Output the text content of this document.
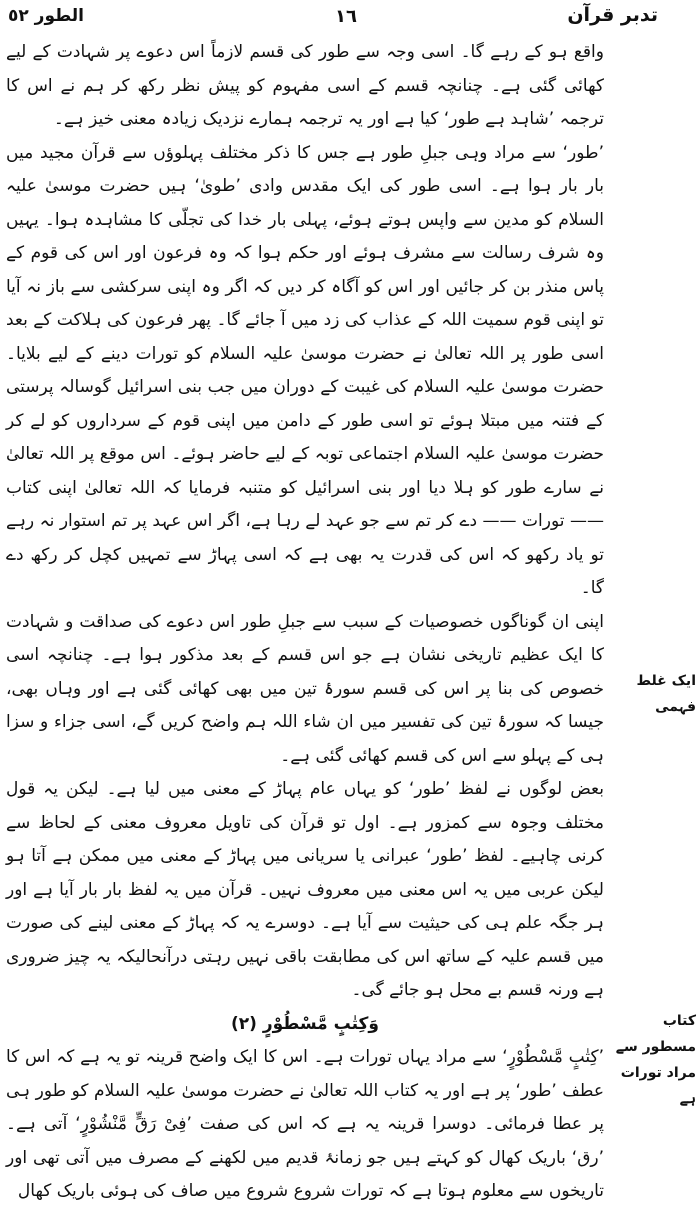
تدبر قرآن
١٦
الطور ٥٢

واقع ہو کے رہے گا۔ اسی وجہ سے طور کی قسم لازماً اس دعوے پر شہادت کے لیے کھائی گئی ہے۔ چنانچہ قسم کے اسی مفہوم کو پیش نظر رکھ کر ہم نے اس کا ترجمہ ’شاہد ہے طور‘ کیا ہے اور یہ ترجمہ ہمارے نزدیک زیادہ معنی خیز ہے۔

’طور‘ سے مراد وہی جبلِ طور ہے جس کا ذکر مختلف پہلوؤں سے قرآن مجید میں بار بار ہوا ہے۔ اسی طور کی ایک مقدس وادی ’طویٰ‘ ہیں حضرت موسیٰ علیہ السلام کو مدین سے واپس ہوتے ہوئے، پہلی بار خدا کی تجلّی کا مشاہدہ ہوا۔ یہیں وہ شرف رسالت سے مشرف ہوئے اور حکم ہوا کہ وہ فرعون اور اس کی قوم کے پاس منذر بن کر جائیں اور اس کو آگاہ کر دیں کہ اگر وہ اپنی سرکشی سے باز نہ آیا تو اپنی قوم سمیت اللہ کے عذاب کی زد میں آ جائے گا۔ پھر فرعون کی ہلاکت کے بعد اسی طور پر اللہ تعالیٰ نے حضرت موسیٰ علیہ السلام کو تورات دینے کے لیے بلایا۔ حضرت موسیٰ علیہ السلام کی غیبت کے دوران میں جب بنی اسرائیل گوسالہ پرستی کے فتنہ میں مبتلا ہوئے تو اسی طور کے دامن میں اپنی قوم کے سرداروں کو لے کر حضرت موسیٰ علیہ السلام اجتماعی توبہ کے لیے حاضر ہوئے۔ اس موقع پر اللہ تعالیٰ نے سارے طور کو ہلا دیا اور بنی اسرائیل کو متنبہ فرمایا کہ اللہ تعالیٰ اپنی کتاب —— تورات —— دے کر تم سے جو عہد لے رہا ہے، اگر اس عہد پر تم استوار نہ رہے تو یاد رکھو کہ اس کی قدرت یہ بھی ہے کہ اسی پہاڑ سے تمہیں کچل کر رکھ دے گا۔

اپنی ان گوناگوں خصوصیات کے سبب سے جبلِ طور اس دعوے کی صداقت و شہادت کا ایک عظیم تاریخی نشان ہے جو اس قسم کے بعد مذکور ہوا ہے۔ چنانچہ اسی خصوص کی بنا پر اس کی قسم سورۂ تین میں بھی کھائی گئی ہے اور وہاں بھی، جیسا کہ سورۂ تین کی تفسیر میں ان شاء اللہ ہم واضح کریں گے، اسی جزاء و سزا ہی کے پہلو سے اس کی قسم کھائی گئی ہے۔

بعض لوگوں نے لفظ ’طور‘ کو یہاں عام پہاڑ کے معنی میں لیا ہے۔ لیکن یہ قول مختلف وجوہ سے کمزور ہے۔ اول تو قرآن کی تاویل معروف معنی کے لحاظ سے کرنی چاہیے۔ لفظ ’طور‘ عبرانی یا سریانی میں پہاڑ کے معنی میں ممکن ہے آتا ہو لیکن عربی میں یہ اس معنی میں معروف نہیں۔ قرآن میں یہ لفظ بار بار آیا ہے اور ہر جگہ علم ہی کی حیثیت سے آیا ہے۔ دوسرے یہ کہ پہاڑ کے معنی لینے کی صورت میں قسم علیہ کے ساتھ اس کی مطابقت باقی نہیں رہتی درآنحالیکہ یہ چیز ضروری ہے ورنہ قسم بے محل ہو جائے گی۔

وَکِتٰبٍ مَّسْطُوْرٍ (٢)

’کِتٰبٍ مَّسْطُوْرٍ‘ سے مراد یہاں تورات ہے۔ اس کا ایک واضح قرینہ تو یہ ہے کہ اس کا عطف ’طور‘ پر ہے اور یہ کتاب اللہ تعالیٰ نے حضرت موسیٰ علیہ السلام کو طور ہی پر عطا فرمائی۔ دوسرا قرینہ یہ ہے کہ اس کی صفت ’فِیْ رَقٍّ مَّنْشُوْرٍ‘ آتی ہے۔ ’رق‘ باریک کھال کو کہتے ہیں جو زمانۂ قدیم میں لکھنے کے مصرف میں آتی تھی اور تاریخوں سے معلوم ہوتا ہے کہ تورات شروع شروع میں صاف کی ہوئی باریک کھال

ایک غلط فہمی
کتاب مسطور سے مراد تورات ہے
